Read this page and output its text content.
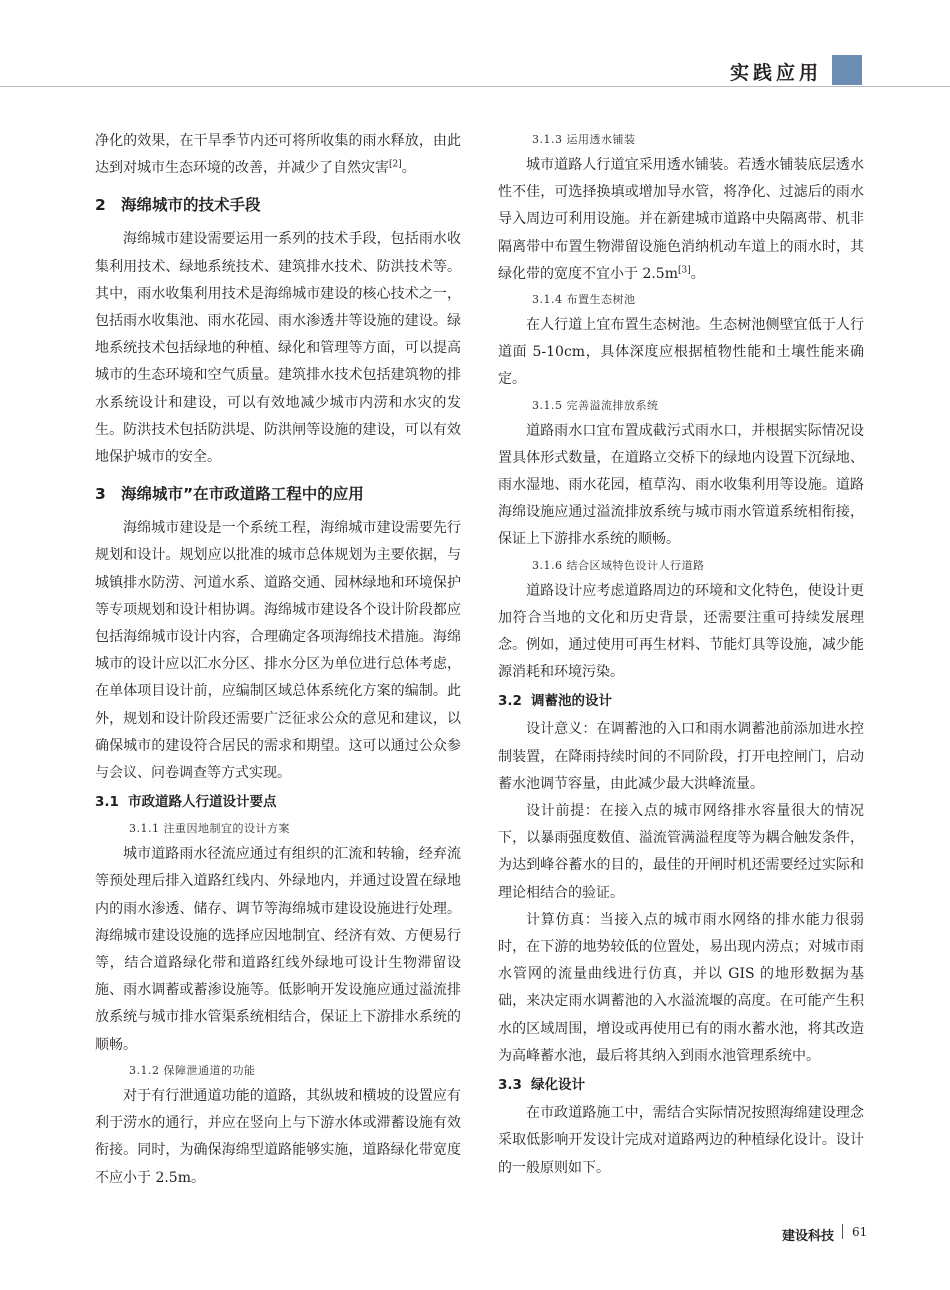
实践应用

净化的效果，在干旱季节内还可将所收集的雨水释放，由此达到对城市生态环境的改善，并减少了自然灾害[2]。

2 海绵城市的技术手段

海绵城市建设需要运用一系列的技术手段，包括雨水收集利用技术、绿地系统技术、建筑排水技术、防洪技术等。其中，雨水收集利用技术是海绵城市建设的核心技术之一，包括雨水收集池、雨水花园、雨水渗透井等设施的建设。绿地系统技术包括绿地的种植、绿化和管理等方面，可以提高城市的生态环境和空气质量。建筑排水技术包括建筑物的排水系统设计和建设，可以有效地减少城市内涝和水灾的发生。防洪技术包括防洪堤、防洪闸等设施的建设，可以有效地保护城市的安全。

3 海绵城市”在市政道路工程中的应用

海绵城市建设是一个系统工程，海绵城市建设需要先行规划和设计。规划应以批准的城市总体规划为主要依据，与城镇排水防涝、河道水系、道路交通、园林绿地和环境保护等专项规划和设计相协调。海绵城市建设各个设计阶段都应包括海绵城市设计内容，合理确定各项海绵技术措施。海绵城市的设计应以汇水分区、排水分区为单位进行总体考虑，在单体项目设计前，应编制区域总体系统化方案的编制。此外，规划和设计阶段还需要广泛征求公众的意见和建议，以确保城市的建设符合居民的需求和期望。这可以通过公众参与会议、问卷调查等方式实现。

3.1 市政道路人行道设计要点
3.1.1 注重因地制宜的设计方案

城市道路雨水径流应通过有组织的汇流和转输，经弃流等预处理后排入道路红线内、外绿地内，并通过设置在绿地内的雨水渗透、储存、调节等海绵城市建设设施进行处理。海绵城市建设设施的选择应因地制宜、经济有效、方便易行等，结合道路绿化带和道路红线外绿地可设计生物滞留设施、雨水调蓄或蓄渗设施等。低影响开发设施应通过溢流排放系统与城市排水管渠系统相结合，保证上下游排水系统的顺畅。

3.1.2 保障泄通道的功能

对于有行泄通道功能的道路，其纵坡和横坡的设置应有利于涝水的通行，并应在竖向上与下游水体或滞蓄设施有效衔接。同时，为确保海绵型道路能够实施，道路绿化带宽度不应小于 2.5m。

3.1.3 运用透水铺装

城市道路人行道宜采用透水铺装。若透水铺装底层透水性不佳，可选择换填或增加导水管，将净化、过滤后的雨水导入周边可利用设施。并在新建城市道路中央隔离带、机非隔离带中布置生物滞留设施色消纳机动车道上的雨水时，其绿化带的宽度不宜小于 2.5m[3]。

3.1.4 布置生态树池

在人行道上宜布置生态树池。生态树池侧壁宜低于人行道面 5-10cm，具体深度应根据植物性能和土壤性能来确定。

3.1.5 完善溢流排放系统

道路雨水口宜布置成截污式雨水口，并根据实际情况设置具体形式数量，在道路立交桥下的绿地内设置下沉绿地、雨水湿地、雨水花园，植草沟、雨水收集利用等设施。道路海绵设施应通过溢流排放系统与城市雨水管道系统相衔接，保证上下游排水系统的顺畅。

3.1.6 结合区域特色设计人行道路

道路设计应考虑道路周边的环境和文化特色，使设计更加符合当地的文化和历史背景，还需要注重可持续发展理念。例如，通过使用可再生材料、节能灯具等设施，减少能源消耗和环境污染。

3.2 调蓄池的设计

设计意义：在调蓄池的入口和雨水调蓄池前添加进水控制装置，在降雨持续时间的不同阶段，打开电控闸门，启动蓄水池调节容量，由此减少最大洪峰流量。

设计前提：在接入点的城市网络排水容量很大的情况下，以暴雨强度数值、溢流管满溢程度等为耦合触发条件，为达到峰谷蓄水的目的，最佳的开闸时机还需要经过实际和理论相结合的验证。

计算仿真：当接入点的城市雨水网络的排水能力很弱时，在下游的地势较低的位置处，易出现内涝点；对城市雨水管网的流量曲线进行仿真，并以 GIS 的地形数据为基础，来决定雨水调蓄池的入水溢流堰的高度。在可能产生积水的区域周围，增设或再使用已有的雨水蓄水池，将其改造为高峰蓄水池，最后将其纳入到雨水池管理系统中。

3.3 绿化设计

在市政道路施工中，需结合实际情况按照海绵建设理念采取低影响开发设计完成对道路两边的种植绿化设计。设计的一般原则如下。

建设科技 61
